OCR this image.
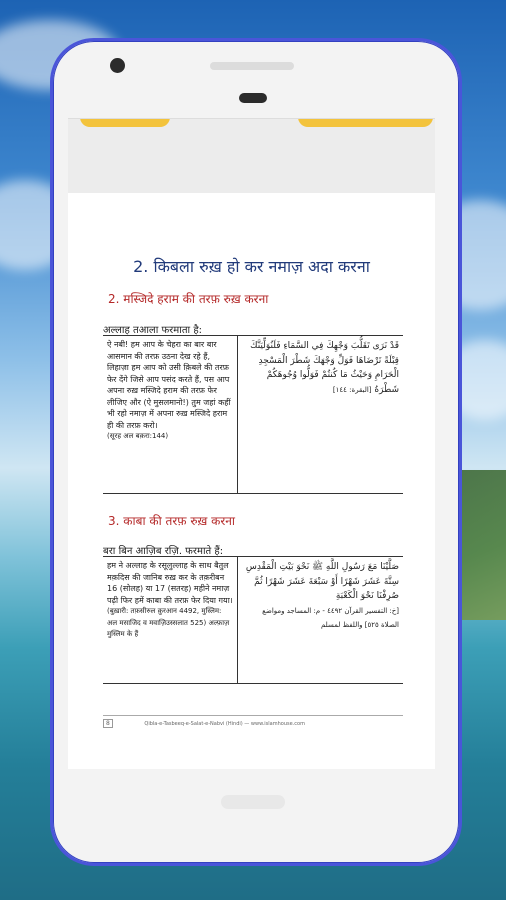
2. किबला रुख़ हो कर नमाज़ अदा करना
2. मस्जिदे हराम की तरफ़ रुख़ करना
अल्लाह तआला फरमाता है:
ऐ नबी! हम आप के चेहरा का बार बार आसमान की तरफ़ उठना देख रहे हैं, लिहाज़ा हम आप को उसी क़िबले की तरफ़ फेर देंगे जिसे आप पसंद करते हैं, पस आप अपना रुख़ मस्जिदे हराम की तरफ़ फेर लीजिए और (ऐ मुसलमानो!) तुम जहां कहीं भी रहो नमाज़ में अपना रुख़ मस्जिदे हराम ही की तरफ़ करो।
(सूरह अल बक़रा:144)
قَدْ نَرَى تَقَلُّبَ وَجْهِكَ فِي السَّمَاءِ فَلَنُوَلِّيَنَّكَ قِبْلَةً تَرْضَاهَا فَوَلِّ وَجْهَكَ شَطْرَ الْمَسْجِدِ الْحَرَامِ وَحَيْثُ مَا كُنتُمْ فَوَلُّوا وُجُوهَكُمْ شَطْرَهُ [البقرة: ١٤٤]
3. काबा की तरफ़ रुख़ करना
बरा बिन आज़िब रज़ि. फरमाते हैं:
हम ने अल्लाह के रसूलुल्लाह के साथ बैतुल मक़दिस की जानिब रुख़ कर के तक़रीबन 16 (सोलह) या 17 (सतरह) महीने नमाज़ पढ़ी फिर हमें काबा की तरफ़ फेर दिया गया।
(बुख़ारी: तफ़सीरुल क़ुरआन 4492, मुस्लिम: अल मसाजिद व मवाज़िउस्सलात 525) अल्फ़ाज़ मुस्लिम के हैं
صَلَّيْنَا مَعَ رَسُولِ اللَّهِ ﷺ نَحْوَ بَيْتِ الْمَقْدِسِ سِتَّةَ عَشَرَ شَهْرًا أَوْ سَبْعَةَ عَشَرَ شَهْرًا ثُمَّ صُرِفْنَا نَحْوَ الْكَعْبَةِ
[خ: التفسير القرآن ٤٤٩٢ - م: المساجد ومواضع الصلاة ٥٢٥] واللفظ لمسلم
8	Qibla-e-Tasbeeq-e-Salat-e-Nabvi (Hindi) — www.islamhouse.com
